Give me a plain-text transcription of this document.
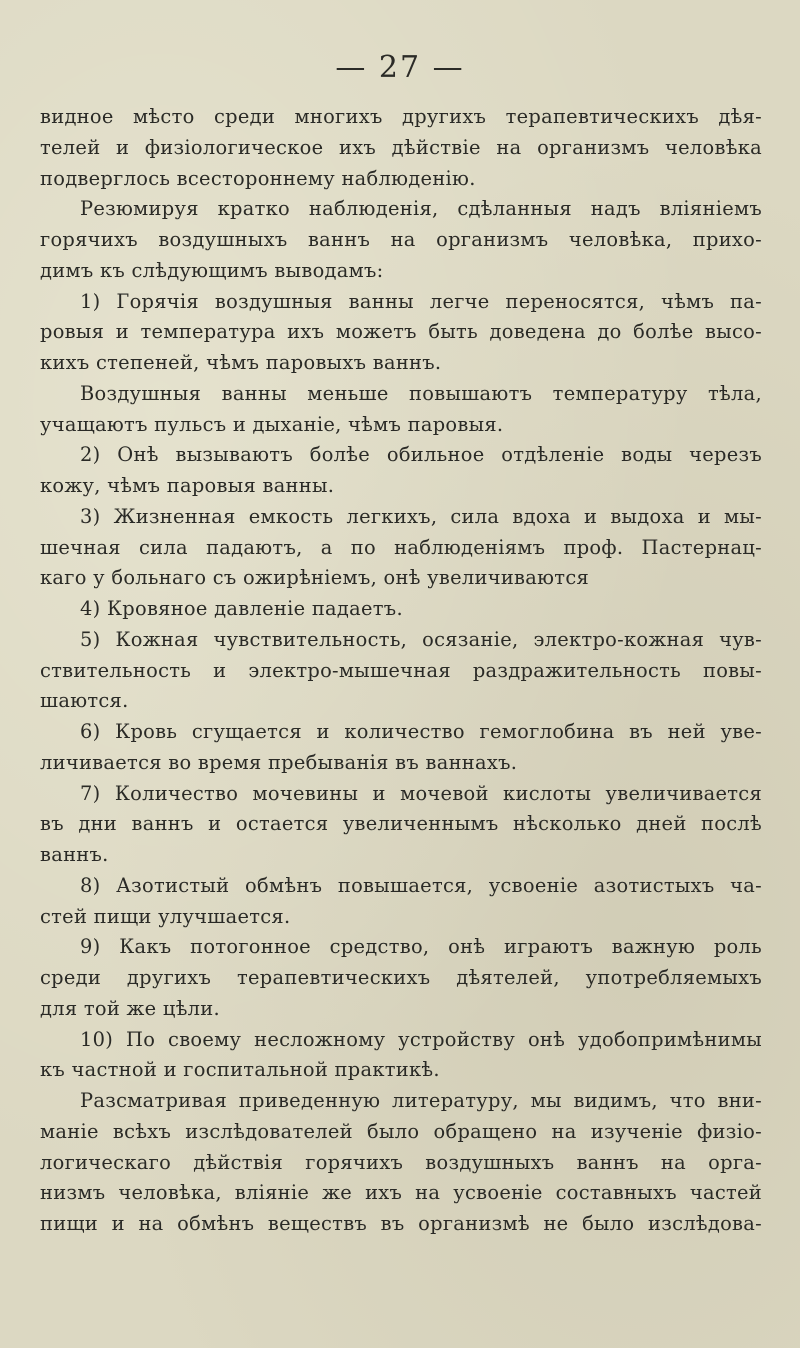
— 27 —
видное мѣсто среди многихъ другихъ терапевтическихъ дѣя-
телей и физiологическое ихъ дѣйствiе на организмъ человѣка
подверглось всестороннему наблюденiю.
Резюмируя кратко наблюденiя, сдѣланныя надъ влiянiемъ
горячихъ воздушныхъ ваннъ на организмъ человѣка, прихо-
димъ къ слѣдующимъ выводамъ:
1) Горячiя воздушныя ванны легче переносятся, чѣмъ па-
ровыя и температура ихъ можетъ быть доведена до болѣе высо-
кихъ степеней, чѣмъ паровыхъ ваннъ.
Воздушныя ванны меньше повышаютъ температуру тѣла,
учащаютъ пульсъ и дыханiе, чѣмъ паровыя.
2) Онѣ вызываютъ болѣе обильное отдѣленiе воды черезъ
кожу, чѣмъ паровыя ванны.
3) Жизненная емкость легкихъ, сила вдоха и выдоха и мы-
шечная сила падаютъ, а по наблюденiямъ проф. Пастернац-
каго у больнаго съ ожирѣнiемъ, онѣ увеличиваются
4) Кровяное давленiе падаетъ.
5) Кожная чувствительность, осязанiе, электро-кожная чув-
ствительность и электро-мышечная раздражительность повы-
шаются.
6) Кровь сгущается и количество гемоглобина въ ней уве-
личивается во время пребыванiя въ ваннахъ.
7) Количество мочевины и мочевой кислоты увеличивается
въ дни ваннъ и остается увеличеннымъ нѣсколько дней послѣ
ваннъ.
8) Азотистый обмѣнъ повышается, усвоенiе азотистыхъ ча-
стей пищи улучшается.
9) Какъ потогонное средство, онѣ играютъ важную роль
среди другихъ терапевтическихъ дѣятелей, употребляемыхъ
для той же цѣли.
10) По своему несложному устройству онѣ удобопримѣнимы
къ частной и госпитальной практикѣ.
Разсматривая приведенную литературу, мы видимъ, что вни-
манiе всѣхъ изслѣдователей было обращено на изученiе физiо-
логическаго дѣйствiя горячихъ воздушныхъ ваннъ на орга-
низмъ человѣка, влiянiе же ихъ на усвоенiе составныхъ частей
пищи и на обмѣнъ веществъ въ организмѣ не было изслѣдова-
